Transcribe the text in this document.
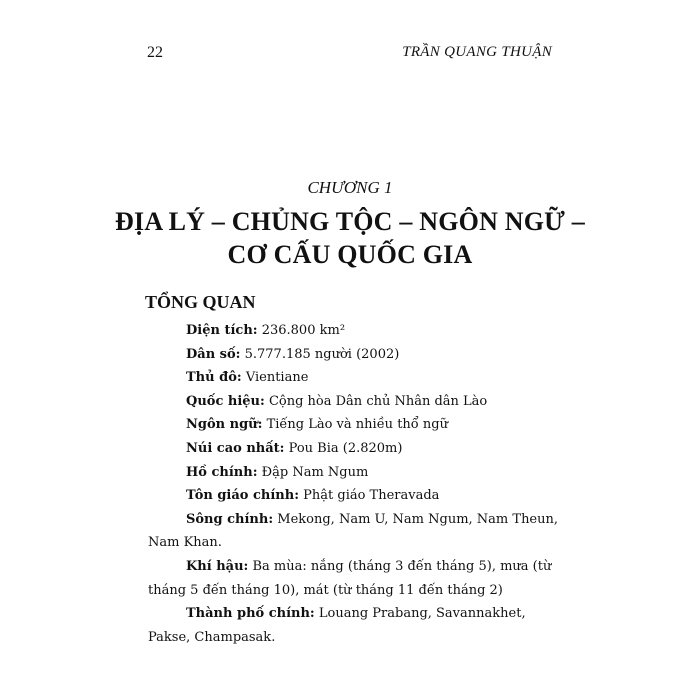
22	TRẦN QUANG THUẬN
CHƯƠNG 1
ĐỊA LÝ – CHỦNG TỘC – NGÔN NGỮ –
CƠ CẤU QUỐC GIA
TỔNG QUAN

Diện tích: 236.800 km²

Dân số: 5.777.185 người (2002)

Thủ đô: Vientiane

Quốc hiệu: Cộng hòa Dân chủ Nhân dân Lào

Ngôn ngữ: Tiếng Lào và nhiều thổ ngữ

Núi cao nhất: Pou Bia (2.820m)

Hồ chính: Đập Nam Ngum

Tôn giáo chính: Phật giáo Theravada

Sông chính: Mekong, Nam U, Nam Ngum, Nam Theun, Nam Khan.

Khí hậu: Ba mùa: nắng (tháng 3 đến tháng 5), mưa (từ tháng 5 đến tháng 10), mát (từ tháng 11 đến tháng 2)

Thành phố chính: Louang Prabang, Savannakhet, Pakse, Champasak.
